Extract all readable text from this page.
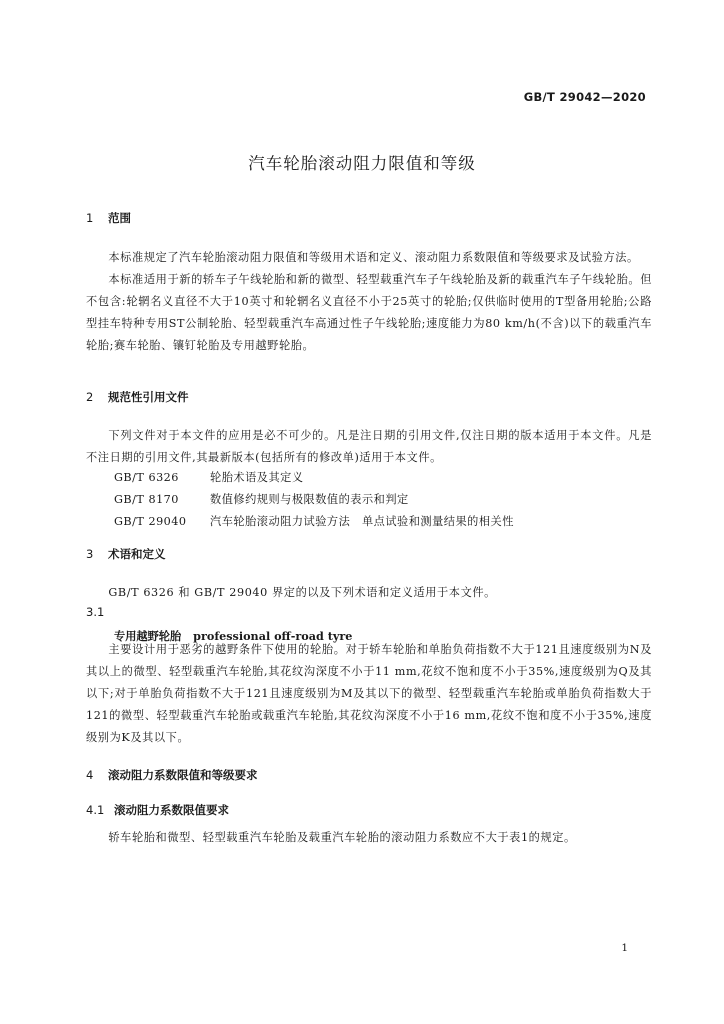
GB/T 29042—2020
汽车轮胎滚动阻力限值和等级
1 范围

本标准规定了汽车轮胎滚动阻力限值和等级用术语和定义、滚动阻力系数限值和等级要求及试验方法。

本标准适用于新的轿车子午线轮胎和新的微型、轻型载重汽车子午线轮胎及新的载重汽车子午线轮胎。但不包含:轮辋名义直径不大于10英寸和轮辋名义直径不小于25英寸的轮胎;仅供临时使用的T型备用轮胎;公路型挂车特种专用ST公制轮胎、轻型载重汽车高通过性子午线轮胎;速度能力为80 km/h(不含)以下的载重汽车轮胎;赛车轮胎、镶钉轮胎及专用越野轮胎。

2 规范性引用文件

下列文件对于本文件的应用是必不可少的。凡是注日期的引用文件,仅注日期的版本适用于本文件。凡是不注日期的引用文件,其最新版本(包括所有的修改单)适用于本文件。

GB/T 6326	轮胎术语及其定义
GB/T 8170	数值修约规则与极限数值的表示和判定
GB/T 29040 汽车轮胎滚动阻力试验方法　单点试验和测量结果的相关性
3 术语和定义

GB/T 6326 和 GB/T 29040 界定的以及下列术语和定义适用于本文件。

3.1
专用越野轮胎 professional off-road tyre

主要设计用于恶劣的越野条件下使用的轮胎。对于轿车轮胎和单胎负荷指数不大于121且速度级别为N及其以上的微型、轻型载重汽车轮胎,其花纹沟深度不小于11 mm,花纹不饱和度不小于35%,速度级别为Q及其以下;对于单胎负荷指数不大于121且速度级别为M及其以下的微型、轻型载重汽车轮胎或单胎负荷指数大于121的微型、轻型载重汽车轮胎或载重汽车轮胎,其花纹沟深度不小于16 mm,花纹不饱和度不小于35%,速度级别为K及其以下。

4 滚动阻力系数限值和等级要求
4.1 滚动阻力系数限值要求

轿车轮胎和微型、轻型载重汽车轮胎及载重汽车轮胎的滚动阻力系数应不大于表1的规定。

1
